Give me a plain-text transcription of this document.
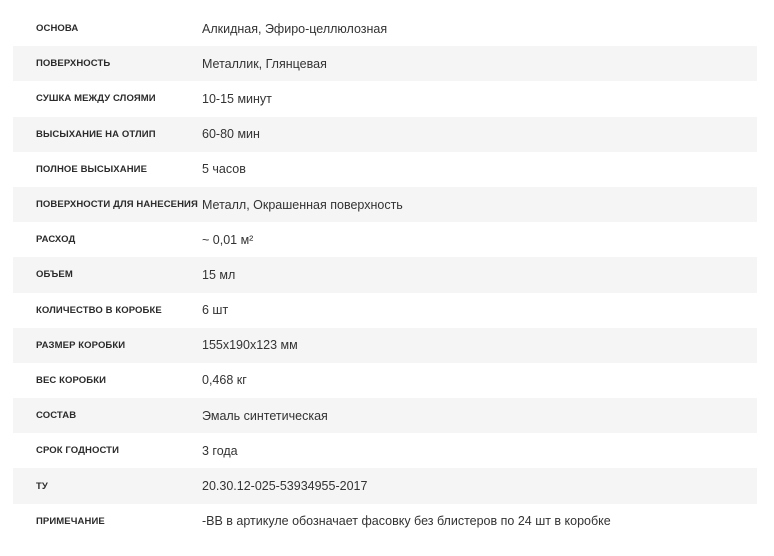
ОСНОВА	Алкидная, Эфиро-целлюлозная
ПОВЕРХНОСТЬ	Металлик, Глянцевая
СУШКА МЕЖДУ СЛОЯМИ	10-15 минут
ВЫСЫХАНИЕ НА ОТЛИП	60-80 мин
ПОЛНОЕ ВЫСЫХАНИЕ	5 часов
ПОВЕРХНОСТИ ДЛЯ НАНЕСЕНИЯ Металл, Окрашенная поверхность
РАСХОД	~ 0,01 м²
ОБЪЕМ	15 мл
КОЛИЧЕСТВО В КОРОБКЕ	6 шт
РАЗМЕР КОРОБКИ	155x190x123 мм
ВЕС КОРОБКИ	0,468 кг
СОСТАВ	Эмаль синтетическая
СРОК ГОДНОСТИ	3 года
ТУ	20.30.12-025-53934955-2017
ПРИМЕЧАНИЕ	-BB в артикуле обозначает фасовку без блистеров по 24 шт в коробке
